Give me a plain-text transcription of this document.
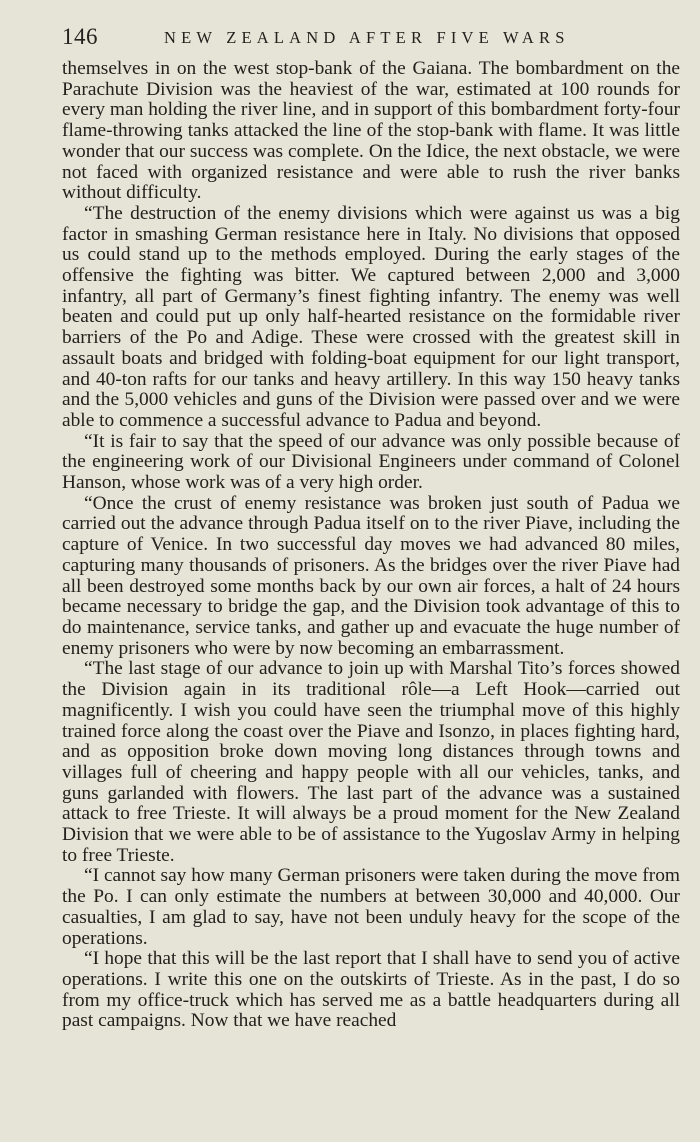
146	NEW ZEALAND AFTER FIVE WARS

themselves in on the west stop-bank of the Gaiana. The bombardment on the Parachute Division was the heaviest of the war, estimated at 100 rounds for every man holding the river line, and in support of this bombardment forty-four flame-throwing tanks attacked the line of the stop-bank with flame. It was little wonder that our success was complete. On the Idice, the next obstacle, we were not faced with organized resistance and were able to rush the river banks without difficulty.

“The destruction of the enemy divisions which were against us was a big factor in smashing German resistance here in Italy. No divisions that opposed us could stand up to the methods employed. During the early stages of the offensive the fighting was bitter. We captured between 2,000 and 3,000 infantry, all part of Germany’s finest fighting infantry. The enemy was well beaten and could put up only half-hearted resistance on the formidable river barriers of the Po and Adige. These were crossed with the greatest skill in assault boats and bridged with folding-boat equipment for our light transport, and 40-ton rafts for our tanks and heavy artillery. In this way 150 heavy tanks and the 5,000 vehicles and guns of the Division were passed over and we were able to commence a successful advance to Padua and beyond.

“It is fair to say that the speed of our advance was only possible because of the engineering work of our Divisional Engineers under command of Colonel Hanson, whose work was of a very high order.

“Once the crust of enemy resistance was broken just south of Padua we carried out the advance through Padua itself on to the river Piave, including the capture of Venice. In two successful day moves we had advanced 80 miles, capturing many thousands of prisoners. As the bridges over the river Piave had all been destroyed some months back by our own air forces, a halt of 24 hours became necessary to bridge the gap, and the Division took advantage of this to do maintenance, service tanks, and gather up and evacuate the huge number of enemy prisoners who were by now becoming an embarrassment.

“The last stage of our advance to join up with Marshal Tito’s forces showed the Division again in its traditional rôle—a Left Hook—carried out magnificently. I wish you could have seen the triumphal move of this highly trained force along the coast over the Piave and Isonzo, in places fighting hard, and as opposition broke down moving long distances through towns and villages full of cheering and happy people with all our vehicles, tanks, and guns garlanded with flowers. The last part of the advance was a sustained attack to free Trieste. It will always be a proud moment for the New Zealand Division that we were able to be of assistance to the Yugoslav Army in helping to free Trieste.

“I cannot say how many German prisoners were taken during the move from the Po. I can only estimate the numbers at between 30,000 and 40,000. Our casualties, I am glad to say, have not been unduly heavy for the scope of the operations.

“I hope that this will be the last report that I shall have to send you of active operations. I write this one on the outskirts of Trieste. As in the past, I do so from my office-truck which has served me as a battle headquarters during all past campaigns. Now that we have reached
